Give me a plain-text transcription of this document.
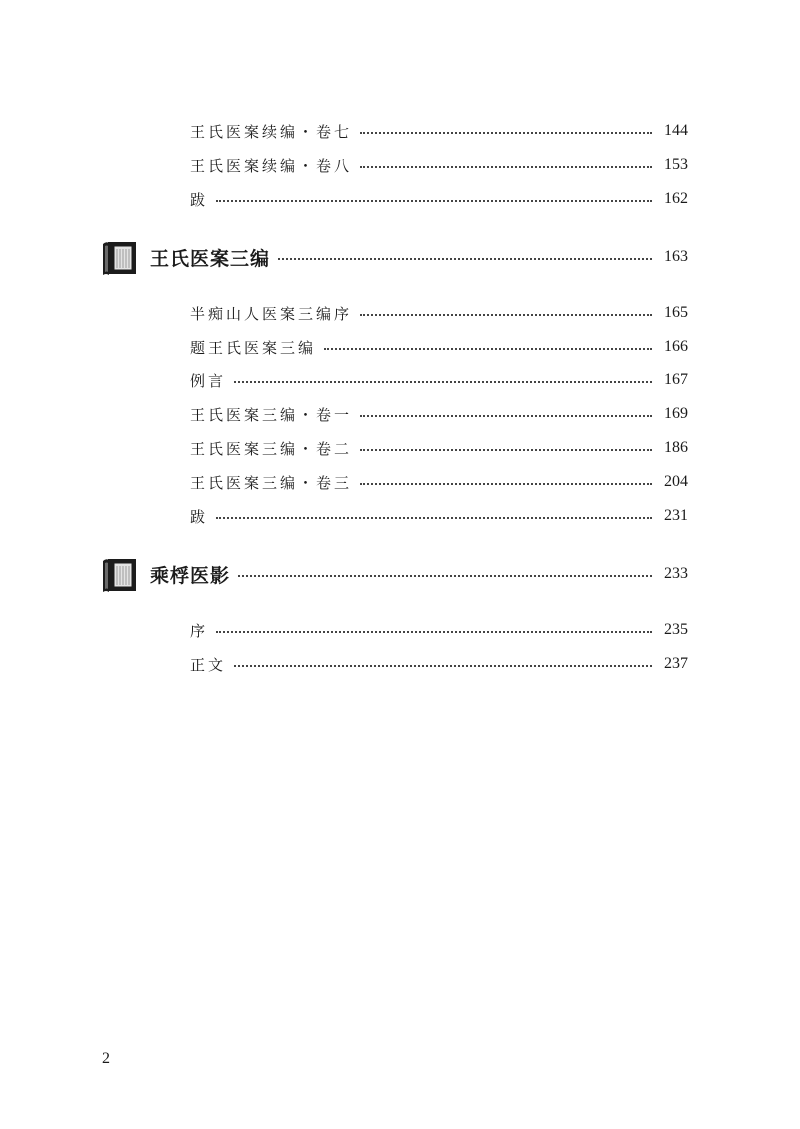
王氏医案续编・卷七	144
王氏医案续编・卷八	153
跋	162
王氏医案三编	163
半痴山人医案三编序	165
题王氏医案三编	166
例言	167
王氏医案三编・卷一	169
王氏医案三编・卷二	186
王氏医案三编・卷三	204
跋	231
乘桴医影	233
序	235
正文	237
2
